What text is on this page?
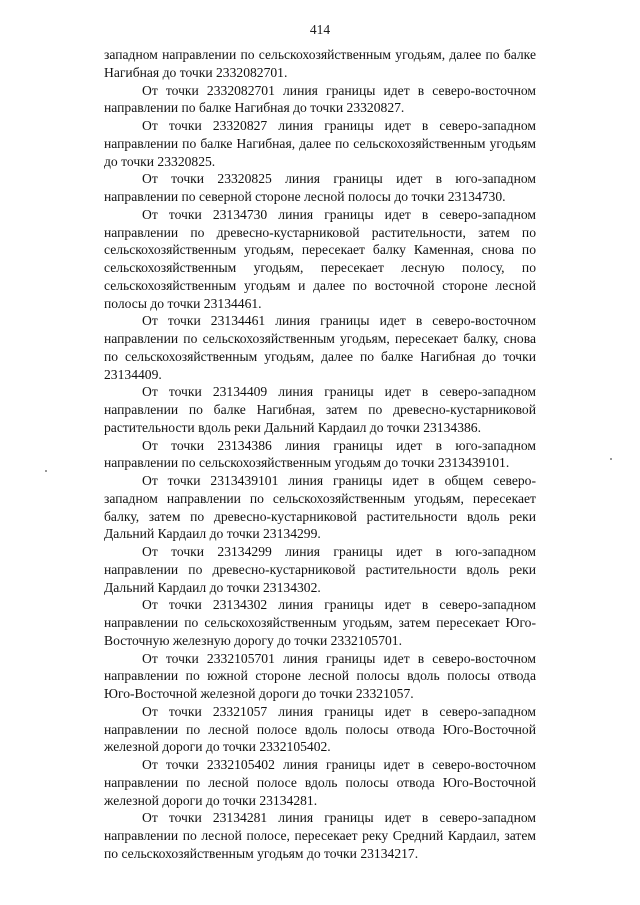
414

западном направлении по сельскохозяйственным угодьям, далее по балке Нагибная до точки 2332082701.

От точки 2332082701 линия границы идет в северо-восточном направлении по балке Нагибная до точки 23320827.

От точки 23320827 линия границы идет в северо-западном направлении по балке Нагибная, далее по сельскохозяйственным угодьям до точки 23320825.

От точки 23320825 линия границы идет в юго-западном направлении по северной стороне лесной полосы до точки 23134730.

От точки 23134730 линия границы идет в северо-западном направлении по древесно-кустарниковой растительности, затем по сельскохозяйственным угодьям, пересекает балку Каменная, снова по сельскохозяйственным угодьям, пересекает лесную полосу, по сельскохозяйственным угодьям и далее по восточной стороне лесной полосы до точки 23134461.

От точки 23134461 линия границы идет в северо-восточном направлении по сельскохозяйственным угодьям, пересекает балку, снова по сельскохозяйственным угодьям, далее по балке Нагибная до точки 23134409.

От точки 23134409 линия границы идет в северо-западном направлении по балке Нагибная, затем по древесно-кустарниковой растительности вдоль реки Дальний Кардаил до точки 23134386.

От точки 23134386 линия границы идет в юго-западном направлении по сельскохозяйственным угодьям до точки 2313439101.

От точки 2313439101 линия границы идет в общем северо-западном направлении по сельскохозяйственным угодьям, пересекает балку, затем по древесно-кустарниковой растительности вдоль реки Дальний Кардаил до точки 23134299.

От точки 23134299 линия границы идет в юго-западном направлении по древесно-кустарниковой растительности вдоль реки Дальний Кардаил до точки 23134302.

От точки 23134302 линия границы идет в северо-западном направлении по сельскохозяйственным угодьям, затем пересекает Юго-Восточную железную дорогу до точки 2332105701.

От точки 2332105701 линия границы идет в северо-восточном направлении по южной стороне лесной полосы вдоль полосы отвода Юго-Восточной железной дороги до точки 23321057.

От точки 23321057 линия границы идет в северо-западном направлении по лесной полосе вдоль полосы отвода Юго-Восточной железной дороги до точки 2332105402.

От точки 2332105402 линия границы идет в северо-восточном направлении по лесной полосе вдоль полосы отвода Юго-Восточной железной дороги до точки 23134281.

От точки 23134281 линия границы идет в северо-западном направлении по лесной полосе, пересекает реку Средний Кардаил, затем по сельскохозяйственным угодьям до точки 23134217.
